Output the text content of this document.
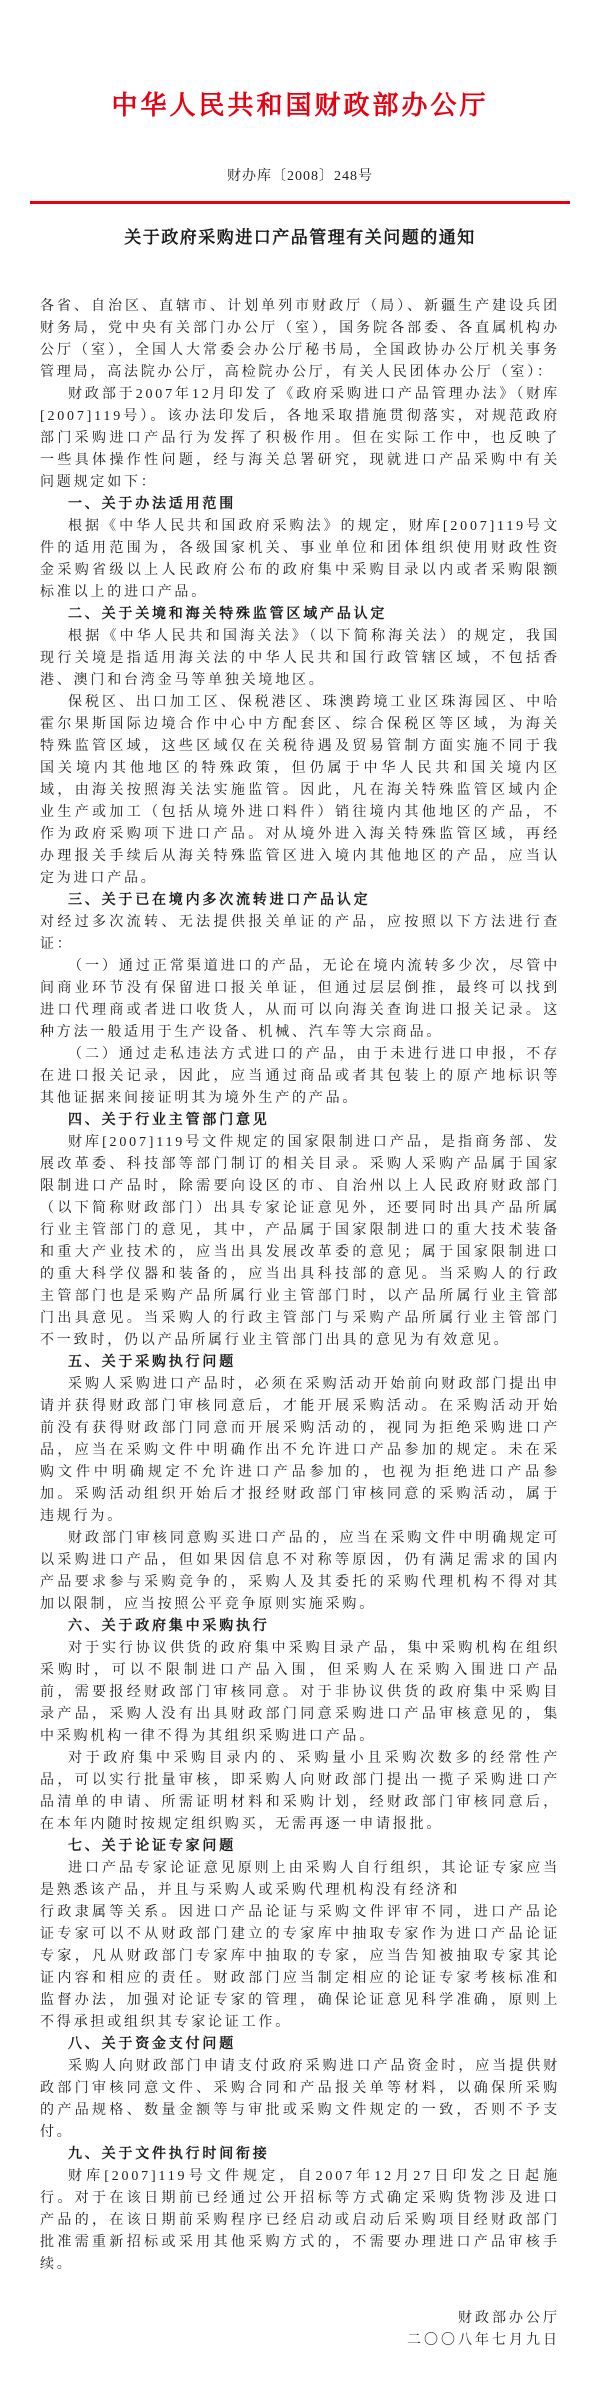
中华人民共和国财政部办公厅
财办库〔2008〕248号
关于政府采购进口产品管理有关问题的通知

各省、自治区、直辖市、计划单列市财政厅（局）、新疆生产建设兵团财务局，党中央有关部门办公厅（室），国务院各部委、各直属机构办公厅（室），全国人大常委会办公厅秘书局，全国政协办公厅机关事务管理局，高法院办公厅，高检院办公厅，有关人民团体办公厅（室）：

财政部于2007年12月印发了《政府采购进口产品管理办法》（财库[2007]119号）。该办法印发后，各地采取措施贯彻落实，对规范政府部门采购进口产品行为发挥了积极作用。但在实际工作中，也反映了一些具体操作性问题，经与海关总署研究，现就进口产品采购中有关问题规定如下：

一、关于办法适用范围

根据《中华人民共和国政府采购法》的规定，财库[2007]119号文件的适用范围为，各级国家机关、事业单位和团体组织使用财政性资金采购省级以上人民政府公布的政府集中采购目录以内或者采购限额标准以上的进口产品。

二、关于关境和海关特殊监管区域产品认定

根据《中华人民共和国海关法》（以下简称海关法）的规定，我国现行关境是指适用海关法的中华人民共和国行政管辖区域，不包括香港、澳门和台湾金马等单独关境地区。

保税区、出口加工区、保税港区、珠澳跨境工业区珠海园区、中哈霍尔果斯国际边境合作中心中方配套区、综合保税区等区域，为海关特殊监管区域，这些区域仅在关税待遇及贸易管制方面实施不同于我国关境内其他地区的特殊政策，但仍属于中华人民共和国关境内区域，由海关按照海关法实施监管。因此，凡在海关特殊监管区域内企业生产或加工（包括从境外进口料件）销往境内其他地区的产品，不作为政府采购项下进口产品。对从境外进入海关特殊监管区域，再经办理报关手续后从海关特殊监管区进入境内其他地区的产品，应当认定为进口产品。

三、关于已在境内多次流转进口产品认定

对经过多次流转、无法提供报关单证的产品，应按照以下方法进行查证：

（一）通过正常渠道进口的产品，无论在境内流转多少次，尽管中间商业环节没有保留进口报关单证，但通过层层倒推，最终可以找到进口代理商或者进口收货人，从而可以向海关查询进口报关记录。这种方法一般适用于生产设备、机械、汽车等大宗商品。

（二）通过走私违法方式进口的产品，由于未进行进口申报，不存在进口报关记录，因此，应当通过商品或者其包装上的原产地标识等其他证据来间接证明其为境外生产的产品。

四、关于行业主管部门意见

财库[2007]119号文件规定的国家限制进口产品，是指商务部、发展改革委、科技部等部门制订的相关目录。采购人采购产品属于国家限制进口产品时，除需要向设区的市、自治州以上人民政府财政部门（以下简称财政部门）出具专家论证意见外，还要同时出具产品所属行业主管部门的意见，其中，产品属于国家限制进口的重大技术装备和重大产业技术的，应当出具发展改革委的意见；属于国家限制进口的重大科学仪器和装备的，应当出具科技部的意见。当采购人的行政主管部门也是采购产品所属行业主管部门时，以产品所属行业主管部门出具意见。当采购人的行政主管部门与采购产品所属行业主管部门不一致时，仍以产品所属行业主管部门出具的意见为有效意见。

五、关于采购执行问题

采购人采购进口产品时，必须在采购活动开始前向财政部门提出申请并获得财政部门审核同意后，才能开展采购活动。在采购活动开始前没有获得财政部门同意而开展采购活动的，视同为拒绝采购进口产品，应当在采购文件中明确作出不允许进口产品参加的规定。未在采购文件中明确规定不允许进口产品参加的，也视为拒绝进口产品参加。采购活动组织开始后才报经财政部门审核同意的采购活动，属于违规行为。

财政部门审核同意购买进口产品的，应当在采购文件中明确规定可以采购进口产品，但如果因信息不对称等原因，仍有满足需求的国内产品要求参与采购竞争的，采购人及其委托的采购代理机构不得对其加以限制，应当按照公平竞争原则实施采购。

六、关于政府集中采购执行

对于实行协议供货的政府集中采购目录产品，集中采购机构在组织采购时，可以不限制进口产品入围，但采购人在采购入围进口产品前，需要报经财政部门审核同意。对于非协议供货的政府集中采购目录产品，采购人没有出具财政部门同意采购进口产品审核意见的，集中采购机构一律不得为其组织采购进口产品。

对于政府集中采购目录内的、采购量小且采购次数多的经常性产品，可以实行批量审核，即采购人向财政部门提出一揽子采购进口产品清单的申请、所需证明材料和采购计划，经财政部门审核同意后，在本年内随时按规定组织购买，无需再逐一申请报批。

七、关于论证专家问题

进口产品专家论证意见原则上由采购人自行组织，其论证专家应当是熟悉该产品，并且与采购人或采购代理机构没有经济和

行政隶属等关系。因进口产品论证与采购文件评审不同，进口产品论证专家可以不从财政部门建立的专家库中抽取专家作为进口产品论证专家，凡从财政部门专家库中抽取的专家，应当告知被抽取专家其论证内容和相应的责任。财政部门应当制定相应的论证专家考核标准和监督办法，加强对论证专家的管理，确保论证意见科学准确，原则上不得承担或组织其专家论证工作。

八、关于资金支付问题

采购人向财政部门申请支付政府采购进口产品资金时，应当提供财政部门审核同意文件、采购合同和产品报关单等材料，以确保所采购的产品规格、数量金额等与审批或采购文件规定的一致，否则不予支付。

九、关于文件执行时间衔接

财库[2007]119号文件规定，自2007年12月27日印发之日起施行。对于在该日期前已经通过公开招标等方式确定采购货物涉及进口产品的，在该日期前采购程序已经启动或启动后采购项目经财政部门批准需重新招标或采用其他采购方式的，不需要办理进口产品审核手续。

财政部办公厅
二〇〇八年七月九日
